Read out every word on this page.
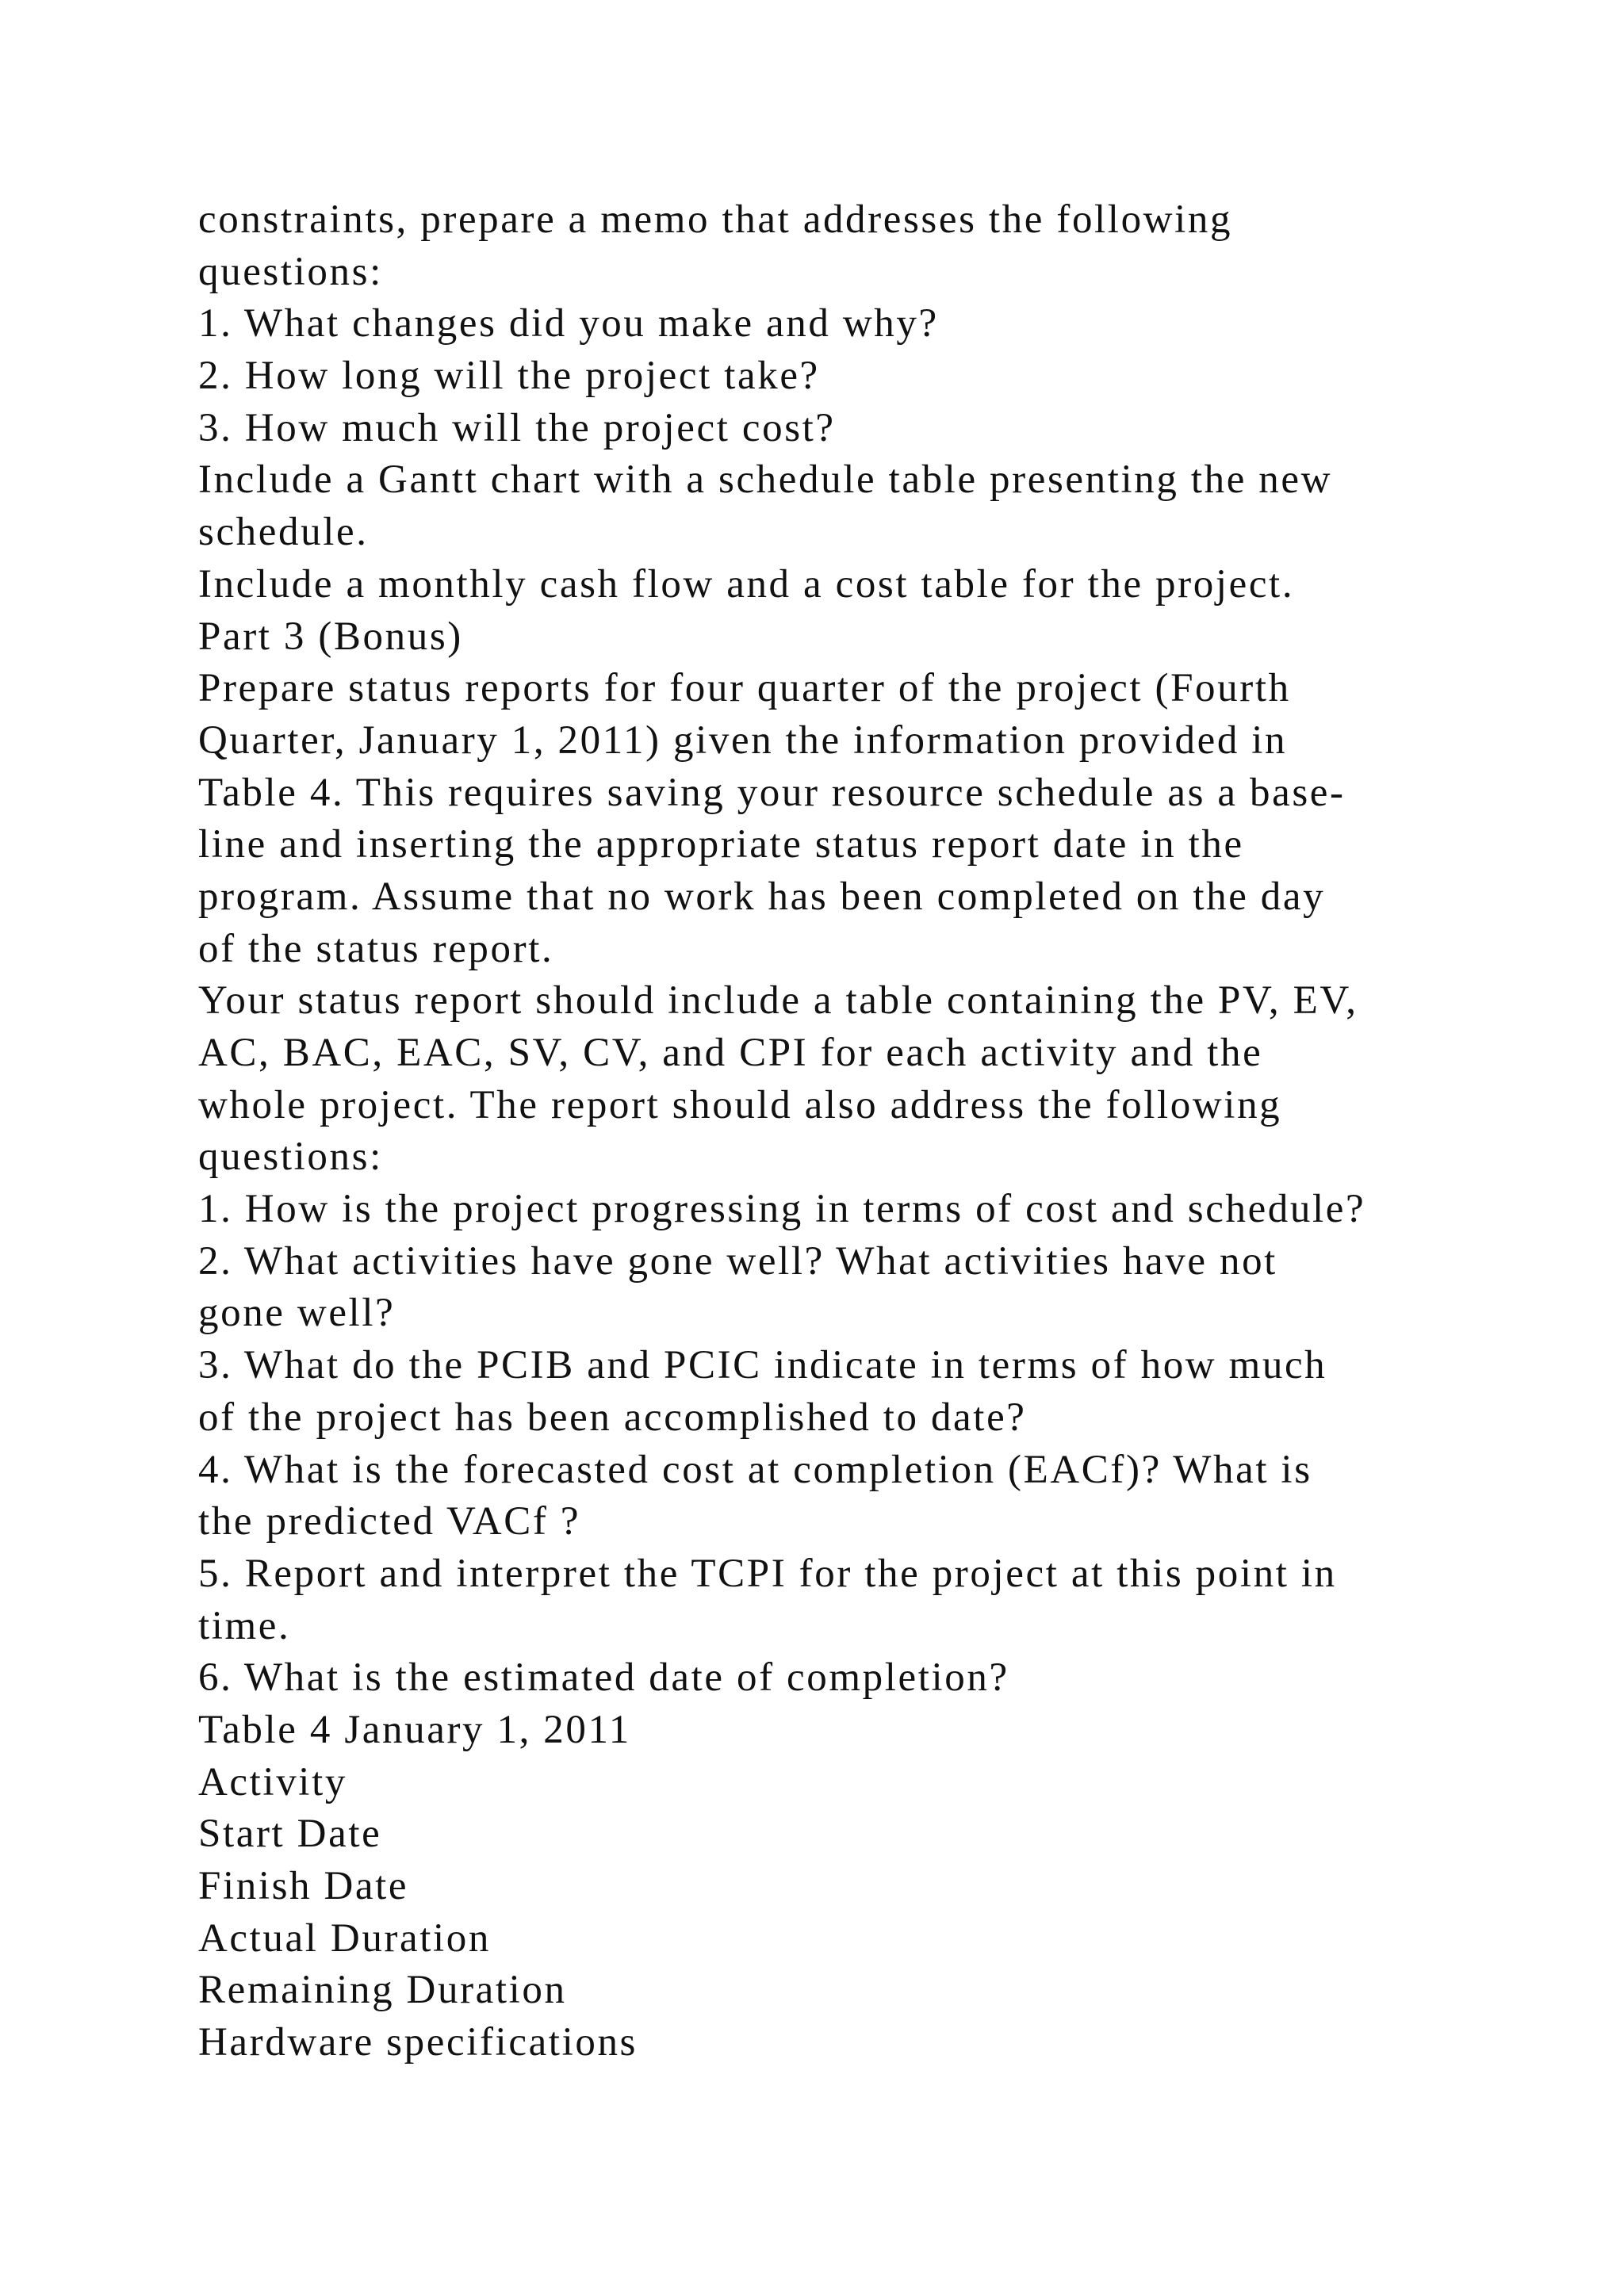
constraints, prepare a memo that addresses the following
questions:
1. What changes did you make and why?
2. How long will the project take?
3. How much will the project cost?
Include a Gantt chart with a schedule table presenting the new
schedule.
Include a monthly cash flow and a cost table for the project.
Part 3 (Bonus)
Prepare status reports for four quarter of the project (Fourth
Quarter, January 1, 2011) given the information provided in
Table 4. This requires saving your resource schedule as a base-
line and inserting the appropriate status report date in the
program. Assume that no work has been completed on the day
of the status report.
Your status report should include a table containing the PV, EV,
AC, BAC, EAC, SV, CV, and CPI for each activity and the
whole project. The report should also address the following
questions:
1. How is the project progressing in terms of cost and schedule?
2. What activities have gone well? What activities have not
gone well?
3. What do the PCIB and PCIC indicate in terms of how much
of the project has been accomplished to date?
4. What is the forecasted cost at completion (EACf)? What is
the predicted VACf ?
5. Report and interpret the TCPI for the project at this point in
time.
6. What is the estimated date of completion?
Table 4 January 1, 2011
Activity
Start Date
Finish Date
Actual Duration
Remaining Duration
Hardware specifications
